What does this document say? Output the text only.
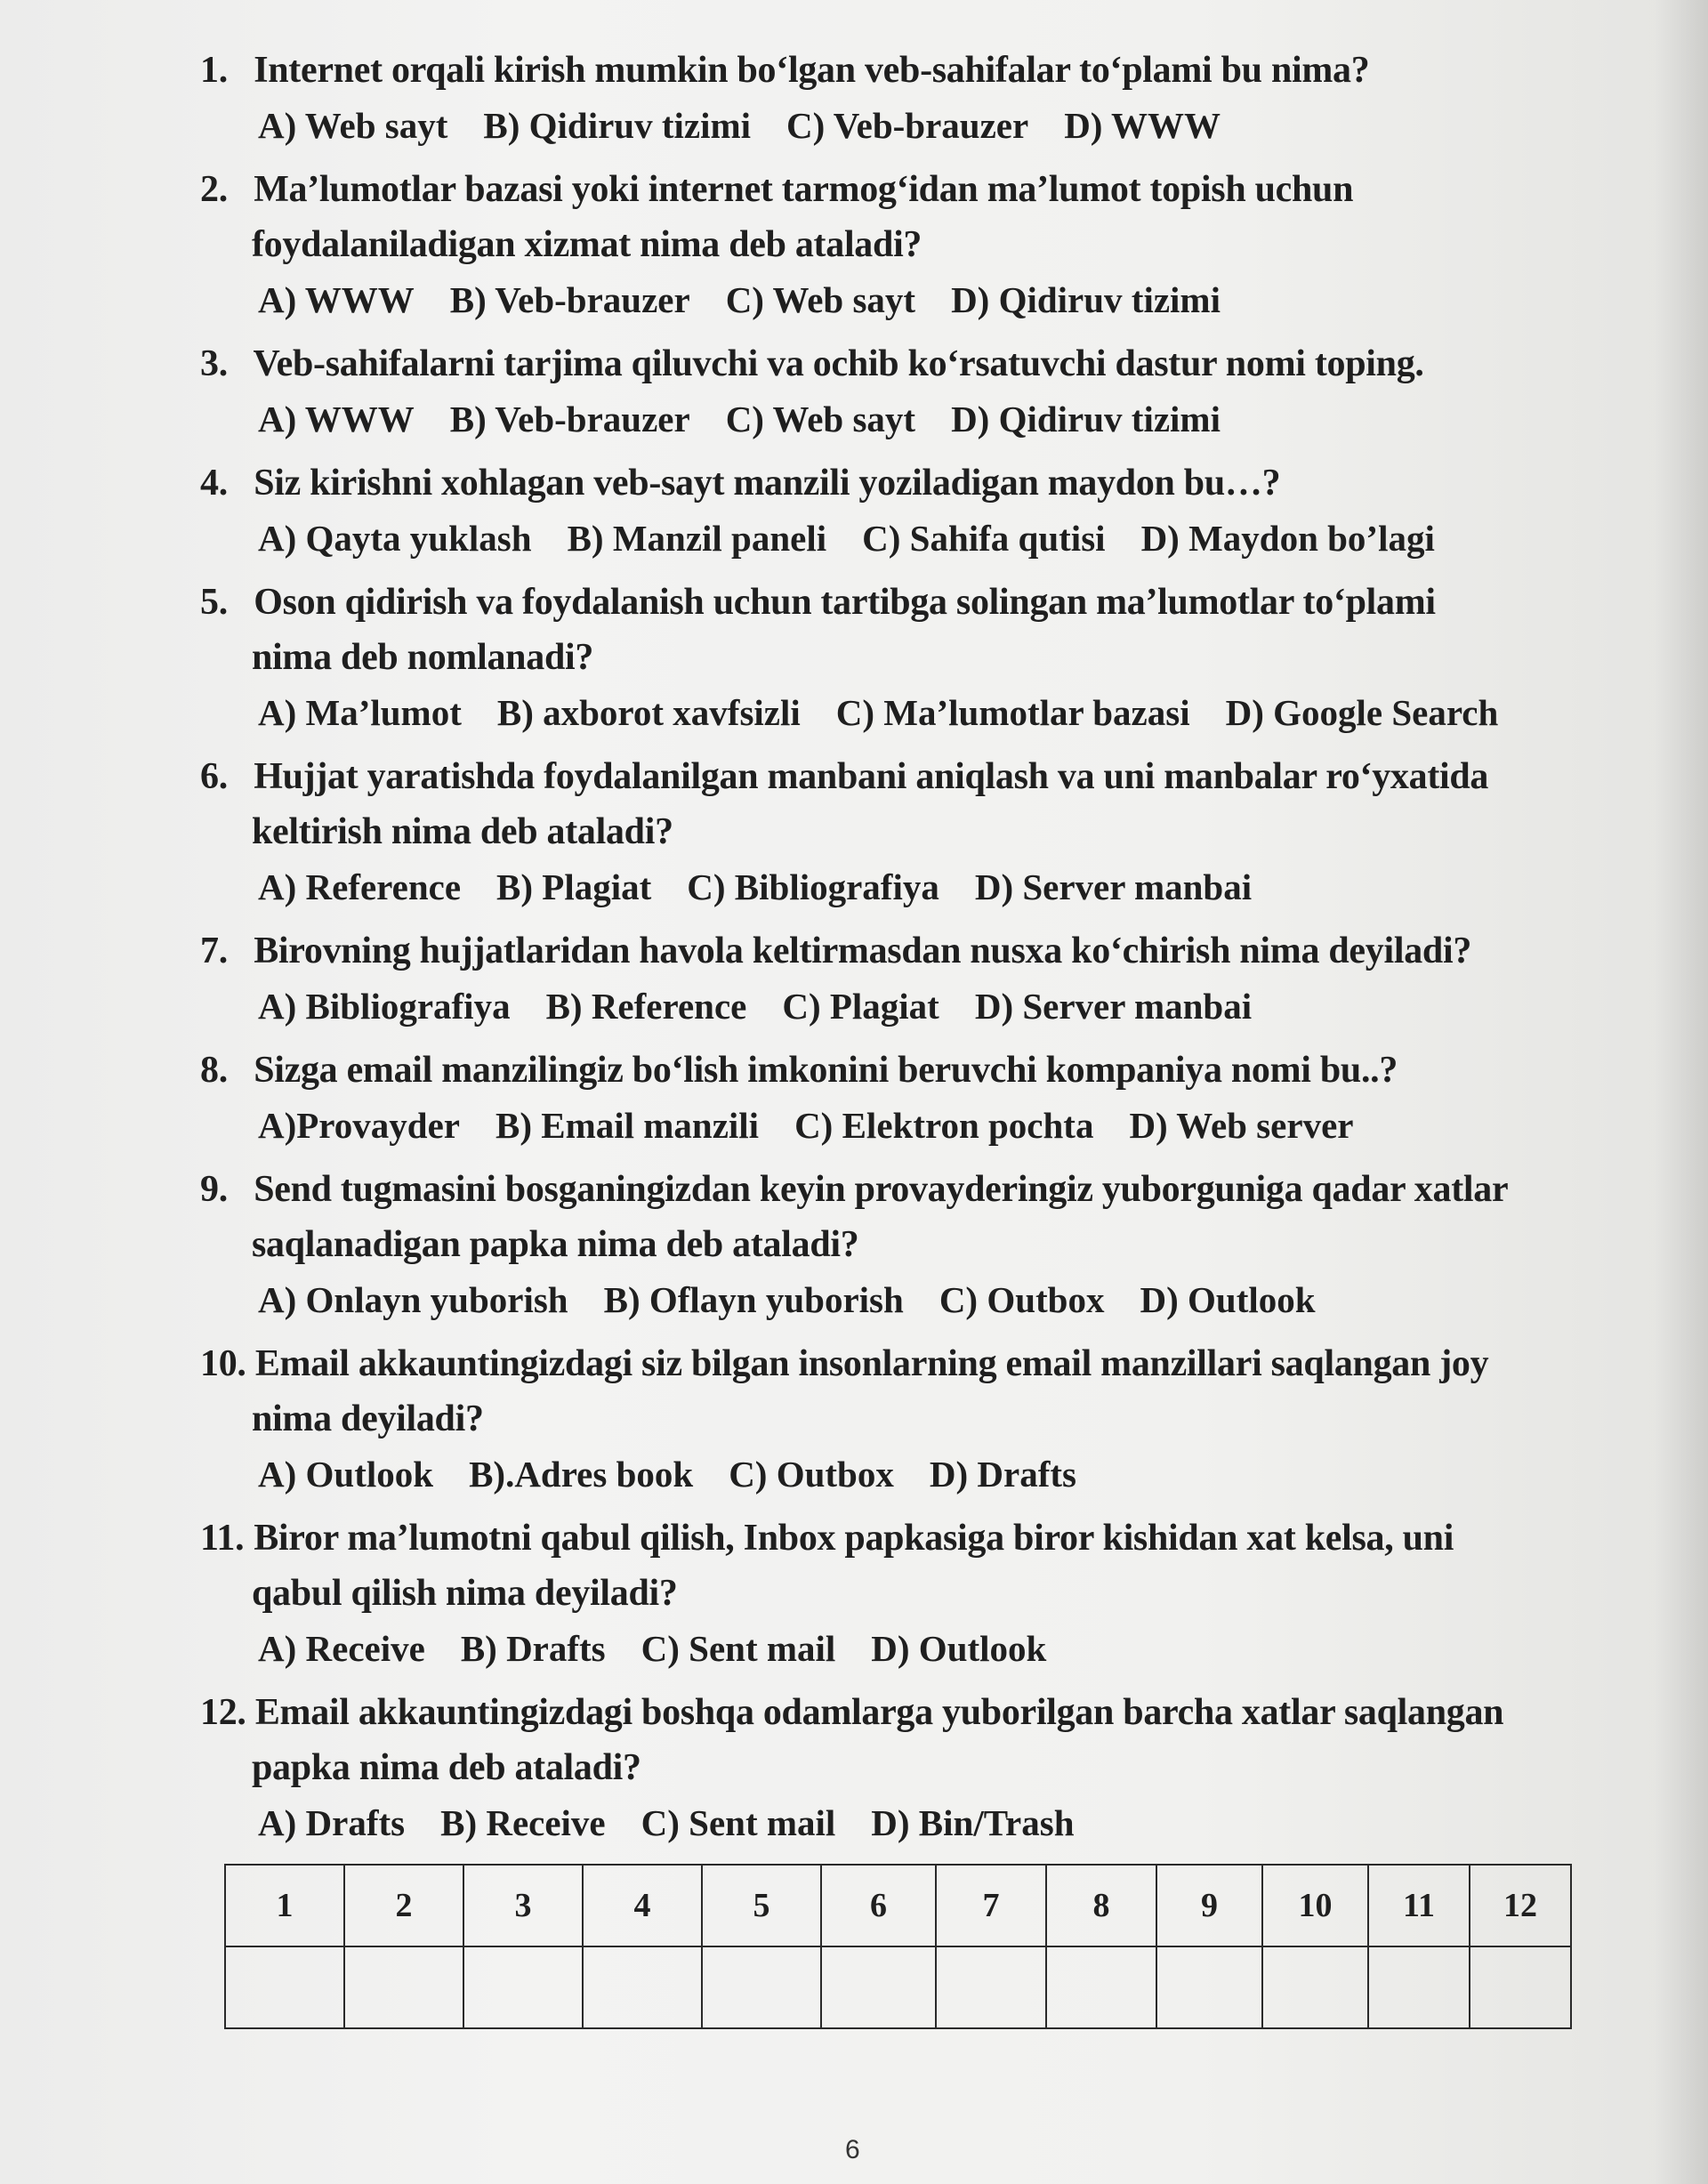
1. Internet orqali kirish mumkin bo‘lgan veb-sahifalar to‘plami bu nima?
A) Web sayt B) Qidiruv tizimi C) Veb-brauzer D) WWW
2. Ma’lumotlar bazasi yoki internet tarmog‘idan ma’lumot topish uchun
foydalaniladigan xizmat nima deb ataladi?
A) WWW B) Veb-brauzer C) Web sayt D) Qidiruv tizimi
3. Veb-sahifalarni tarjima qiluvchi va ochib ko‘rsatuvchi dastur nomi toping.
A) WWW B) Veb-brauzer C) Web sayt D) Qidiruv tizimi
4. Siz kirishni xohlagan veb-sayt manzili yoziladigan maydon bu…?
A) Qayta yuklash B) Manzil paneli C) Sahifa qutisi D) Maydon bo’lagi
5. Oson qidirish va foydalanish uchun tartibga solingan ma’lumotlar to‘plami
nima deb nomlanadi?
A) Ma’lumot B) axborot xavfsizli C) Ma’lumotlar bazasi D) Google Search
6. Hujjat yaratishda foydalanilgan manbani aniqlash va uni manbalar ro‘yxatida
keltirish nima deb ataladi?
A) Reference B) Plagiat C) Bibliografiya D) Server manbai
7. Birovning hujjatlaridan havola keltirmasdan nusxa ko‘chirish nima deyiladi?
A) Bibliografiya B) Reference C) Plagiat D) Server manbai
8. Sizga email manzilingiz bo‘lish imkonini beruvchi kompaniya nomi bu..?
A)Provayder B) Email manzili C) Elektron pochta D) Web server
9. Send tugmasini bosganingizdan keyin provayderingiz yuborguniga qadar xatlar
saqlanadigan papka nima deb ataladi?
A) Onlayn yuborish B) Oflayn yuborish C) Outbox D) Outlook
10. Email akkauntingizdagi siz bilgan insonlarning email manzillari saqlangan joy
nima deyiladi?
A) Outlook B).Adres book C) Outbox D) Drafts
11. Biror ma’lumotni qabul qilish, Inbox papkasiga biror kishidan xat kelsa, uni
qabul qilish nima deyiladi?
A) Receive B) Drafts C) Sent mail D) Outlook
12. Email akkauntingizdagi boshqa odamlarga yuborilgan barcha xatlar saqlangan
papka nima deb ataladi?
A) Drafts B) Receive C) Sent mail D) Bin/Trash
1	2	3	4	5	6	7	8	9	10	11	12

6
